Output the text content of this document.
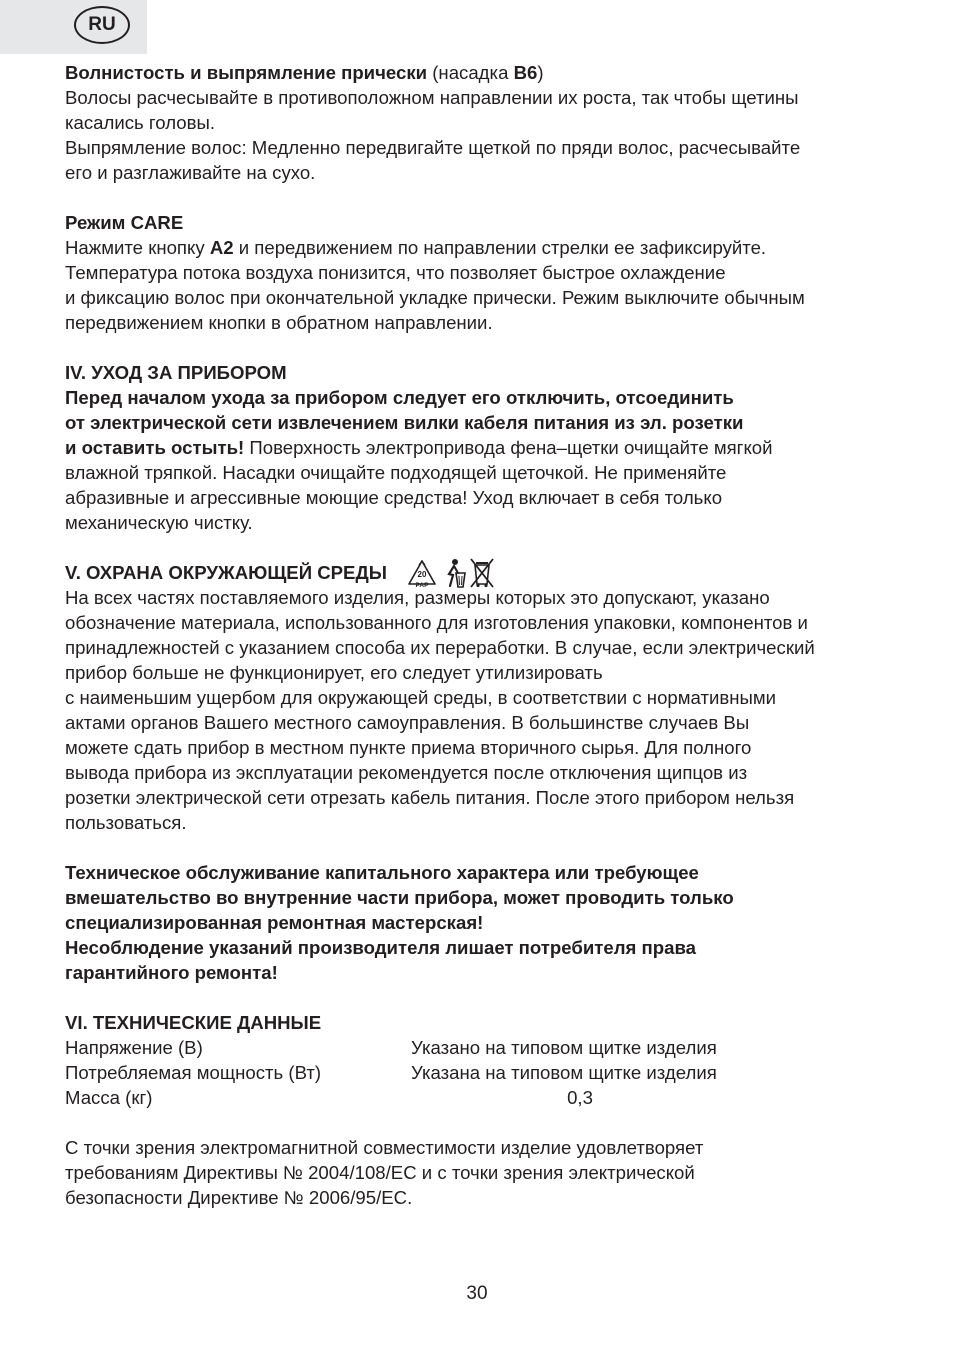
RU

Волнистость и выпрямление прически (насадка B6)

Волосы расчесывайте в противоположном направлении их роста, так чтобы щетины

касались головы.

Выпрямление волос: Медленно передвигайте щеткой по пряди волос, расчесывайте

его и разглаживайте на сухо.

Режим CARE

Нажмите кнопку A2 и передвижением по направлении стрелки ее зафиксируйте.

Температура потока воздуха понизится, что позволяет быстрое охлаждение

и фиксацию волос при окончательной укладке прически. Режим выключите обычным

передвижением кнопки в обратном направлении.

IV. УХОД ЗА ПРИБОРОМ

Перед началом ухода за прибором следует его отключить, отсоединить

от электрической сети извлечением вилки кабеля питания из эл. розетки

и оставить остыть! Поверхность электропривода фена–щетки очищайте мягкой

влажной тряпкой. Насадки очищайте подходящей щеточкой. Не применяйте

абразивные и агрессивные моющие средства! Уход включает в себя только

механическую чистку.

V. ОХРАНА ОКРУЖАЮЩЕЙ СРЕДЫ	20
PAP

На всех частях поставляемого изделия, размеры которых это допускают, указано

обозначение материала, использованного для изготовления упаковки, компонентов и

принадлежностей с указанием способа их переработки. В случае, если электрический

прибор больше не функционирует, его следует утилизировать

с наименьшим ущербом для окружающей среды, в соответствии с нормативными

актами органов Вашего местного самоуправления. В большинстве случаев Вы

можете сдать прибор в местном пункте приема вторичного сырья. Для полного

вывода прибора из эксплуатации рекомендуется после отключения щипцов из

розетки электрической сети отрезать кабель питания. После этого прибором нельзя

пользоваться.

Техническое обслуживание капитального характера или требующее

вмешательство во внутренние части прибора, может проводить только

специализированная ремонтная мастерская!

Несоблюдение указаний производителя лишает потребителя права

гарантийного ремонта!

VI. ТЕХНИЧЕСКИЕ ДАННЫЕ

Напряжение (В)	Указано на типовом щитке изделия
Потребляемая мощность (Вт)	Указана на типовом щитке изделия
Масса (кг)	0,3

С точки зрения электромагнитной совместимости изделие удовлетворяет

требованиям Директивы № 2004/108/ЕС и с точки зрения электрической

безопасности Директиве № 2006/95/ЕС.

30
